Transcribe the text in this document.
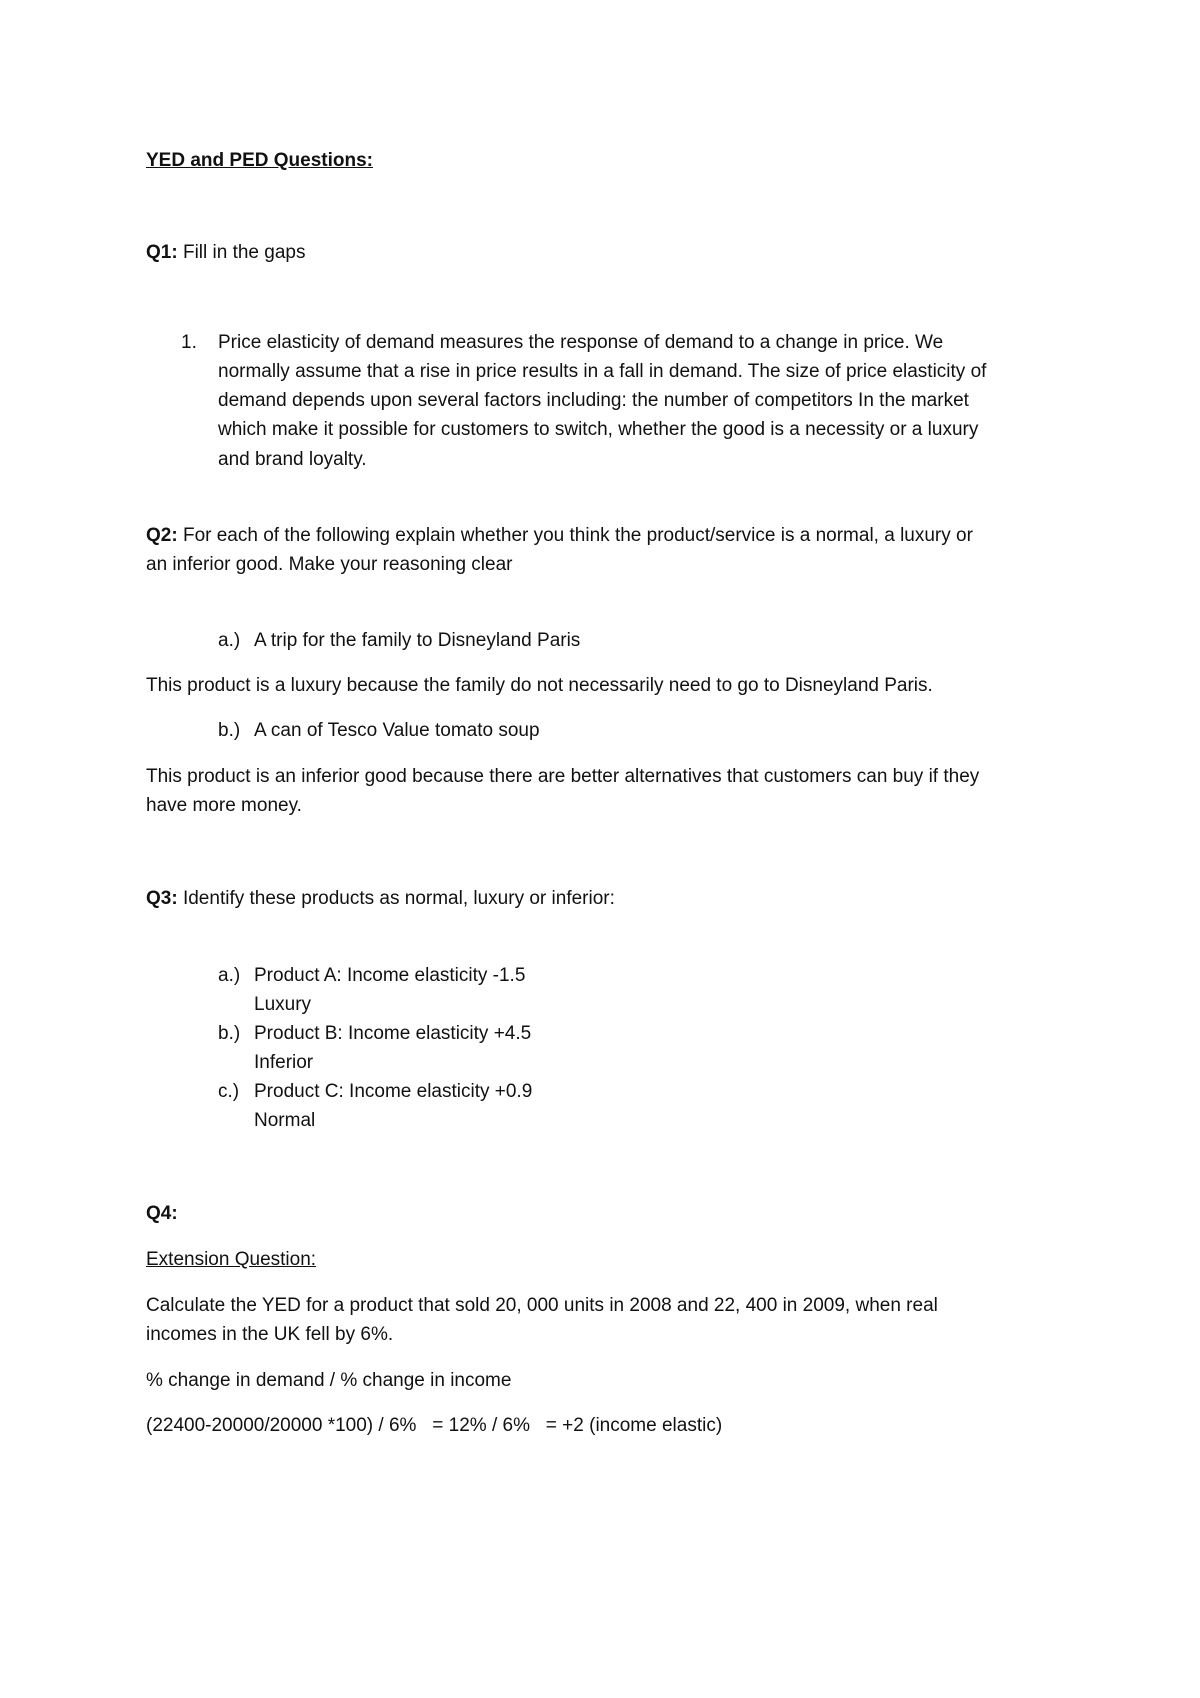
YED and PED Questions:
Q1: Fill in the gaps
1. Price elasticity of demand measures the response of demand to a change in price. We
normally assume that a rise in price results in a fall in demand. The size of price elasticity of
demand depends upon several factors including: the number of competitors In the market
which make it possible for customers to switch, whether the good is a necessity or a luxury
and brand loyalty.
Q2: For each of the following explain whether you think the product/service is a normal, a luxury or
an inferior good. Make your reasoning clear
a.) A trip for the family to Disneyland Paris
This product is a luxury because the family do not necessarily need to go to Disneyland Paris.
b.) A can of Tesco Value tomato soup
This product is an inferior good because there are better alternatives that customers can buy if they
have more money.
Q3: Identify these products as normal, luxury or inferior:
a.) Product A: Income elasticity -1.5
Luxury
b.) Product B: Income elasticity +4.5
Inferior
c.) Product C: Income elasticity +0.9
Normal
Q4:
Extension Question:
Calculate the YED for a product that sold 20, 000 units in 2008 and 22, 400 in 2009, when real
incomes in the UK fell by 6%.
% change in demand / % change in income
(22400-20000/20000 *100) / 6%   = 12% / 6%   = +2 (income elastic)
